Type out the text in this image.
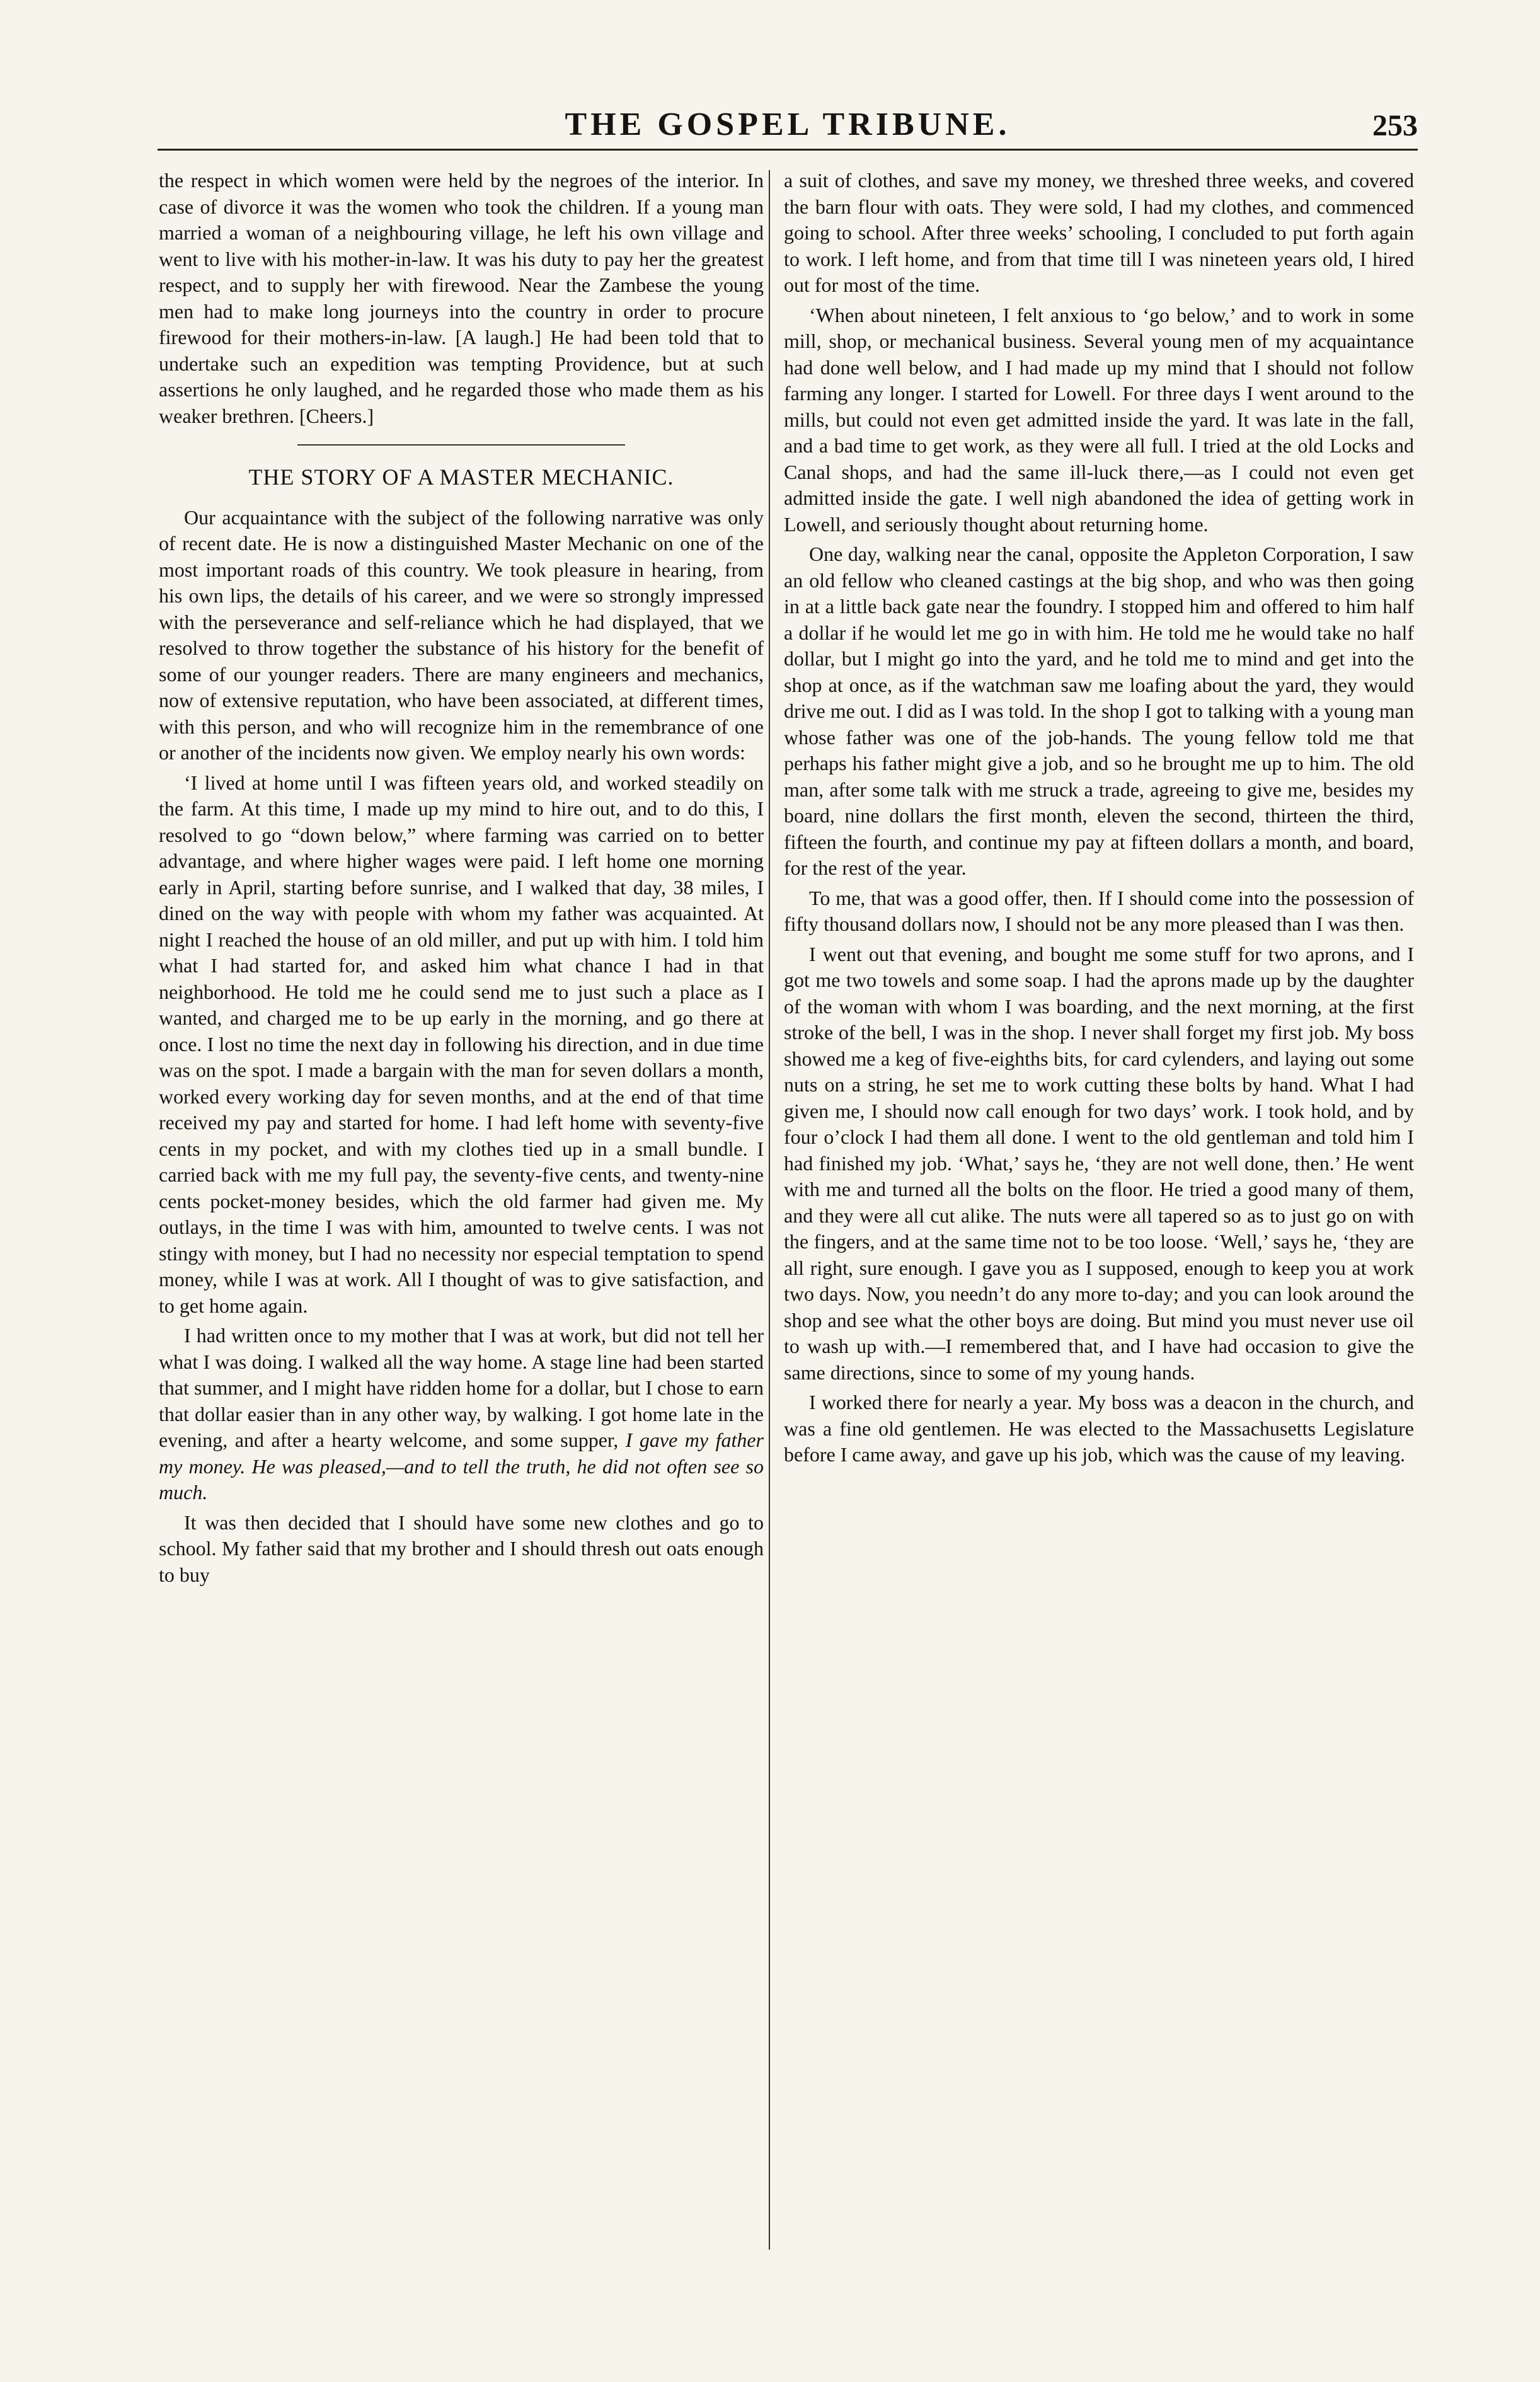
THE GOSPEL TRIBUNE.	253

the respect in which women were held by the negroes of the interior. In case of divorce it was the women who took the children. If a young man married a woman of a neighbouring village, he left his own village and went to live with his mother-in-law. It was his duty to pay her the greatest respect, and to supply her with firewood. Near the Zambese the young men had to make long journeys into the country in order to procure firewood for their mothers-in-law. [A laugh.] He had been told that to undertake such an expedition was tempting Providence, but at such assertions he only laughed, and he regarded those who made them as his weaker brethren. [Cheers.]

THE STORY OF A MASTER MECHANIC.

Our acquaintance with the subject of the following narrative was only of recent date. He is now a distinguished Master Mechanic on one of the most important roads of this country. We took pleasure in hearing, from his own lips, the details of his career, and we were so strongly impressed with the perseverance and self-reliance which he had displayed, that we resolved to throw together the substance of his history for the benefit of some of our younger readers. There are many engineers and mechanics, now of extensive reputation, who have been associated, at different times, with this person, and who will recognize him in the remembrance of one or another of the incidents now given. We employ nearly his own words:

‘I lived at home until I was fifteen years old, and worked steadily on the farm. At this time, I made up my mind to hire out, and to do this, I resolved to go “down below,” where farming was carried on to better advantage, and where higher wages were paid. I left home one morning early in April, starting before sunrise, and I walked that day, 38 miles, I dined on the way with people with whom my father was acquainted. At night I reached the house of an old miller, and put up with him. I told him what I had started for, and asked him what chance I had in that neighborhood. He told me he could send me to just such a place as I wanted, and charged me to be up early in the morning, and go there at once. I lost no time the next day in following his direction, and in due time was on the spot. I made a bargain with the man for seven dollars a month, worked every working day for seven months, and at the end of that time received my pay and started for home. I had left home with seventy-five cents in my pocket, and with my clothes tied up in a small bundle. I carried back with me my full pay, the seventy-five cents, and twenty-nine cents pocket-money besides, which the old farmer had given me. My outlays, in the time I was with him, amounted to twelve cents. I was not stingy with money, but I had no necessity nor especial temptation to spend money, while I was at work. All I thought of was to give satisfaction, and to get home again.

I had written once to my mother that I was at work, but did not tell her what I was doing. I walked all the way home. A stage line had been started that summer, and I might have ridden home for a dollar, but I chose to earn that dollar easier than in any other way, by walking. I got home late in the evening, and after a hearty welcome, and some supper, I gave my father my money. He was pleased,—and to tell the truth, he did not often see so much.

It was then decided that I should have some new clothes and go to school. My father said that my brother and I should thresh out oats enough to buy

a suit of clothes, and save my money, we threshed three weeks, and covered the barn flour with oats. They were sold, I had my clothes, and commenced going to school. After three weeks’ schooling, I concluded to put forth again to work. I left home, and from that time till I was nineteen years old, I hired out for most of the time.

‘When about nineteen, I felt anxious to ‘go below,’ and to work in some mill, shop, or mechanical business. Several young men of my acquaintance had done well below, and I had made up my mind that I should not follow farming any longer. I started for Lowell. For three days I went around to the mills, but could not even get admitted inside the yard. It was late in the fall, and a bad time to get work, as they were all full. I tried at the old Locks and Canal shops, and had the same ill-luck there,—as I could not even get admitted inside the gate. I well nigh abandoned the idea of getting work in Lowell, and seriously thought about returning home.

One day, walking near the canal, opposite the Appleton Corporation, I saw an old fellow who cleaned castings at the big shop, and who was then going in at a little back gate near the foundry. I stopped him and offered to him half a dollar if he would let me go in with him. He told me he would take no half dollar, but I might go into the yard, and he told me to mind and get into the shop at once, as if the watchman saw me loafing about the yard, they would drive me out. I did as I was told. In the shop I got to talking with a young man whose father was one of the job-hands. The young fellow told me that perhaps his father might give a job, and so he brought me up to him. The old man, after some talk with me struck a trade, agreeing to give me, besides my board, nine dollars the first month, eleven the second, thirteen the third, fifteen the fourth, and continue my pay at fifteen dollars a month, and board, for the rest of the year.

To me, that was a good offer, then. If I should come into the possession of fifty thousand dollars now, I should not be any more pleased than I was then.

I went out that evening, and bought me some stuff for two aprons, and I got me two towels and some soap. I had the aprons made up by the daughter of the woman with whom I was boarding, and the next morning, at the first stroke of the bell, I was in the shop. I never shall forget my first job. My boss showed me a keg of five-eighths bits, for card cylenders, and laying out some nuts on a string, he set me to work cutting these bolts by hand. What I had given me, I should now call enough for two days’ work. I took hold, and by four o’clock I had them all done. I went to the old gentleman and told him I had finished my job. ‘What,’ says he, ‘they are not well done, then.’ He went with me and turned all the bolts on the floor. He tried a good many of them, and they were all cut alike. The nuts were all tapered so as to just go on with the fingers, and at the same time not to be too loose. ‘Well,’ says he, ‘they are all right, sure enough. I gave you as I supposed, enough to keep you at work two days. Now, you needn’t do any more to-day; and you can look around the shop and see what the other boys are doing. But mind you must never use oil to wash up with.—I remembered that, and I have had occasion to give the same directions, since to some of my young hands.

I worked there for nearly a year. My boss was a deacon in the church, and was a fine old gentlemen. He was elected to the Massachusetts Legislature before I came away, and gave up his job, which was the cause of my leaving.
